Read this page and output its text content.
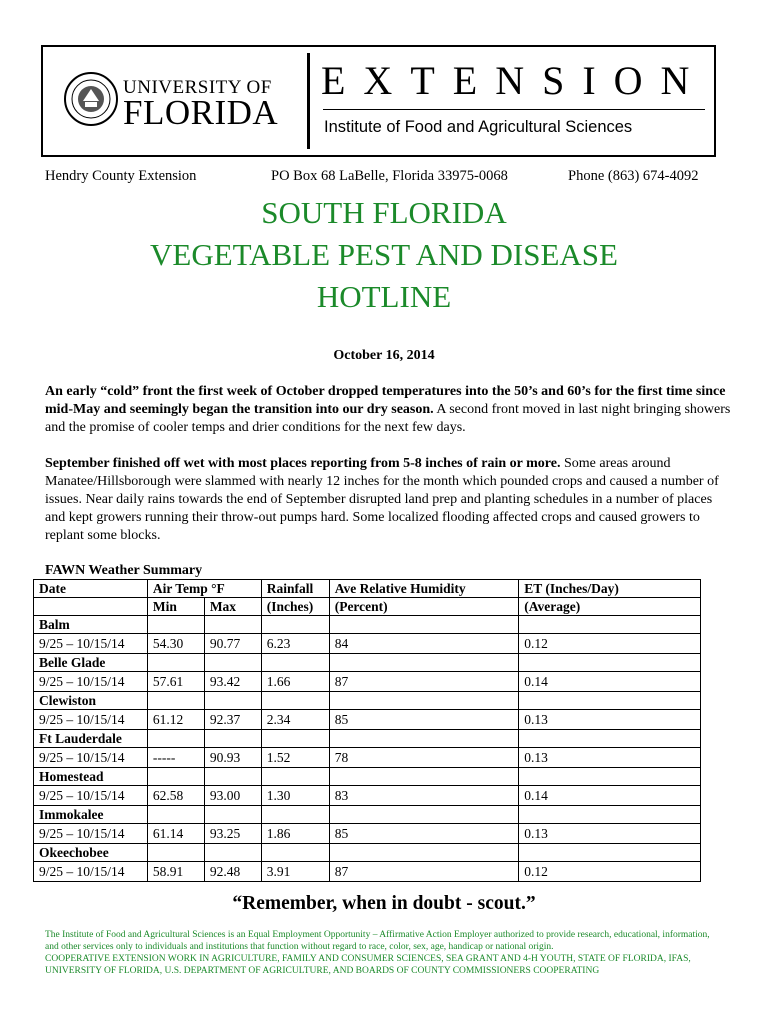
UNIVERSITY OF
FLORIDA
EXTENSION
Institute of Food and Agricultural Sciences
Hendry County Extension	PO Box 68 LaBelle, Florida 33975-0068	Phone (863) 674-4092
SOUTH FLORIDA
VEGETABLE PEST AND DISEASE
HOTLINE
October 16, 2014

An early “cold” front the first week of October dropped temperatures into the 50’s and 60’s for the first time since mid-May and seemingly began the transition into our dry season. A second front moved in last night bringing showers and the promise of cooler temps and drier conditions for the next few days.

September finished off wet with most places reporting from 5-8 inches of rain or more. Some areas around Manatee/Hillsborough were slammed with nearly 12 inches for the month which pounded crops and caused a number of issues. Near daily rains towards the end of September disrupted land prep and planting schedules in a number of places and kept growers running their throw-out pumps hard. Some localized flooding affected crops and caused growers to replant some blocks.

FAWN Weather Summary
Date	Air Temp °F		Rainfall	Ave Relative Humidity	ET (Inches/Day)
	Min	Max	(Inches)	(Percent)	(Average)
Balm					
9/25 – 10/15/14	54.30	90.77	6.23	84	0.12
Belle Glade					
9/25 – 10/15/14	57.61	93.42	1.66	87	0.14
Clewiston					
9/25 – 10/15/14	61.12	92.37	2.34	85	0.13
Ft Lauderdale					
9/25 – 10/15/14	-----	90.93	1.52	78	0.13
Homestead					
9/25 – 10/15/14	62.58	93.00	1.30	83	0.14
Immokalee					
9/25 – 10/15/14	61.14	93.25	1.86	85	0.13
Okeechobee					
9/25 – 10/15/14	58.91	92.48	3.91	87	0.12
“Remember, when in doubt - scout.”
The Institute of Food and Agricultural Sciences is an Equal Employment Opportunity – Affirmative Action Employer authorized to provide research, educational, information, and other services only to individuals and institutions that function without regard to race, color, sex, age, handicap or national origin.
COOPERATIVE EXTENSION WORK IN AGRICULTURE, FAMILY AND CONSUMER SCIENCES, SEA GRANT AND 4-H YOUTH, STATE OF FLORIDA, IFAS, UNIVERSITY OF FLORIDA, U.S. DEPARTMENT OF AGRICULTURE, AND BOARDS OF COUNTY COMMISSIONERS COOPERATING
